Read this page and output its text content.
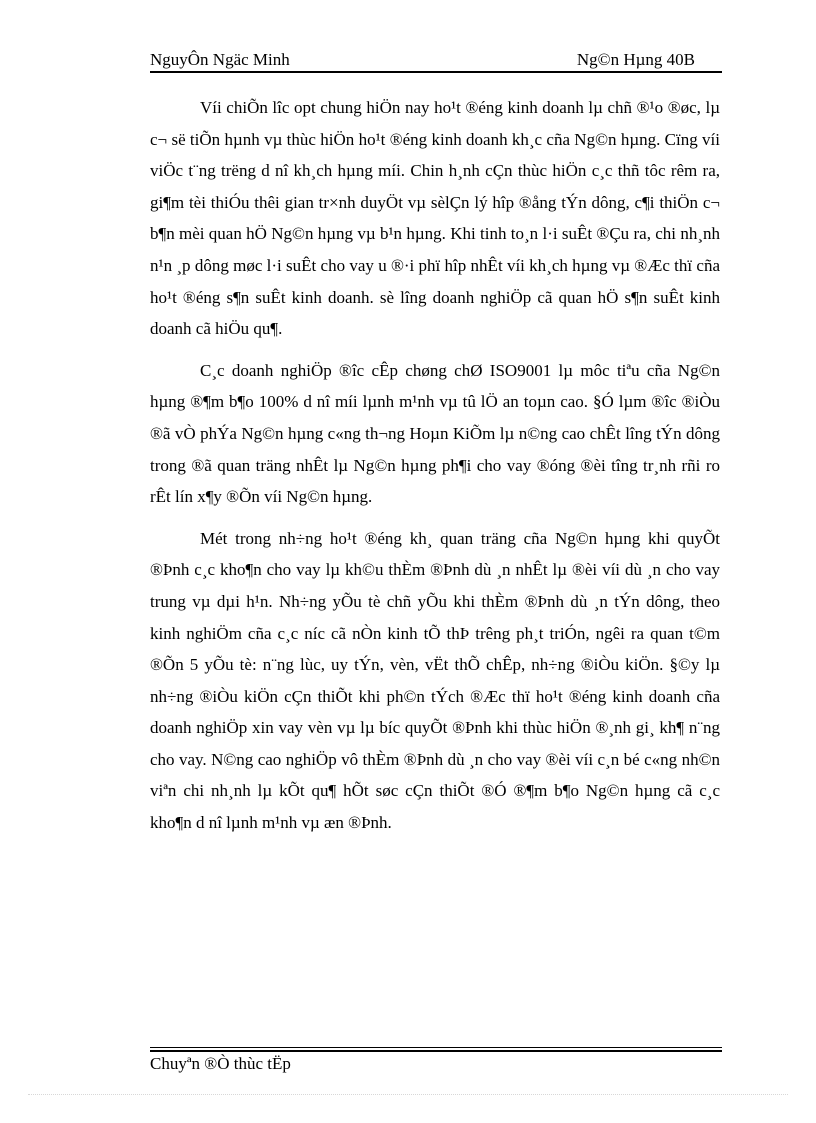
NguyÔn Ngäc Minh	Ng©n Hµng 40B

Víi chiÕn lîc opt chung hiÖn nay ho¹t ®éng kinh doanh lµ chñ ®¹o ®øc, lµ c¬ së tiÕn hµnh vµ thùc hiÖn ho¹t ®éng kinh doanh kh¸c cña Ng©n hµng. Cïng víi viÖc t¨ng trëng d nî kh¸ch hµng míi. Chin h¸nh cÇn thùc hiÖn c¸c thñ tôc rêm ra, gi¶m tèi thiÓu thêi gian tr×nh duyÖt vµ sèlÇn lý hîp ®ång tÝn dông, c¶i thiÖn c¬ b¶n mèi quan hÖ Ng©n hµng vµ b¹n hµng. Khi tinh to¸n l·i suÊt ®Çu ra, chi nh¸nh n¹n ¸p dông møc l·i suÊt cho vay u ®·i phï hîp nhÊt víi kh¸ch hµng vµ ®Æc thï cña ho¹t ®éng s¶n suÊt kinh doanh. sè lîng doanh nghiÖp cã quan hÖ s¶n suÊt kinh doanh cã hiÖu qu¶.

C¸c doanh nghiÖp ®îc cÊp chøng chØ ISO9001 lµ môc tiªu cña Ng©n hµng ®¶m b¶o 100% d nî míi lµnh m¹nh vµ tû lÖ an toµn cao. §Ó lµm ®îc ®iÒu ®ã vÒ phÝa Ng©n hµng c«ng th¬ng Hoµn KiÕm lµ n©ng cao chÊt lîng tÝn dông trong ®ã quan träng nhÊt lµ Ng©n hµng ph¶i cho vay ®óng ®èi tîng tr¸nh rñi ro rÊt lín x¶y ®Õn víi Ng©n hµng.

Mét trong nh÷ng ho¹t ®éng kh¸ quan träng cña Ng©n hµng khi quyÕt ®Þnh c¸c kho¶n cho vay lµ kh©u thÈm ®Þnh dù ¸n nhÊt lµ ®èi víi dù ¸n cho vay trung vµ dµi h¹n. Nh÷ng yÕu tè chñ yÕu khi thÈm ®Þnh dù ¸n tÝn dông, theo kinh nghiÖm cña c¸c níc cã nÒn kinh tÕ thÞ trêng ph¸t triÓn, ngêi ra quan t©m ®Õn 5 yÕu tè: n¨ng lùc, uy tÝn, vèn, vËt thÕ chÊp, nh÷ng ®iÒu kiÖn. §©y lµ nh÷ng ®iÒu kiÖn cÇn thiÕt khi ph©n tÝch ®Æc thï ho¹t ®éng kinh doanh cña doanh nghiÖp xin vay vèn vµ lµ bíc quyÕt ®Þnh khi thùc hiÖn ®¸nh gi¸ kh¶ n¨ng cho vay. N©ng cao nghiÖp vô thÈm ®Þnh dù ¸n cho vay ®èi víi c¸n bé c«ng nh©n viªn chi nh¸nh lµ kÕt qu¶ hÕt søc cÇn thiÕt ®Ó ®¶m b¶o Ng©n hµng cã c¸c kho¶n d nî lµnh m¹nh vµ æn ®Þnh.

Chuyªn ®Ò thùc tËp
